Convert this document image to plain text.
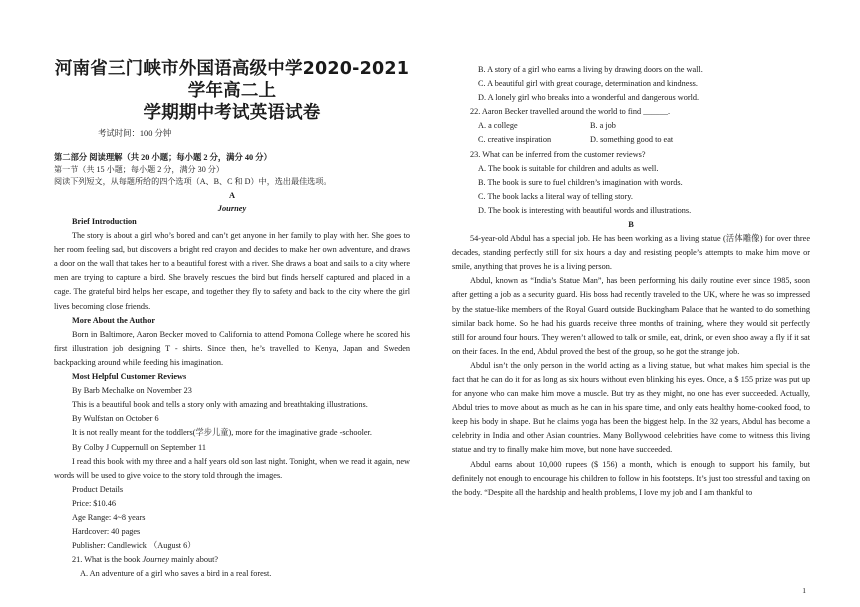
河南省三门峡市外国语高级中学2020-2021学年高二上
学期期中考试英语试卷

考试时间：100 分钟

第二部分 阅读理解（共 20 小题；每小题 2 分，满分 40 分）

第一节（共 15 小题；每小题 2 分，满分 30 分）

阅读下列短文，从每题所给的四个选项（A、B、C 和 D）中，选出最佳选项。

A

Journey

Brief Introduction

The story is about a girl who’s bored and can’t get anyone in her family to play with her. She goes to her room feeling sad, but discovers a bright red crayon and decides to make her own adventure, and draws a door on the wall that takes her to a beautiful forest with a river. She draws a boat and sails to a city where men are trying to capture a bird. She bravely rescues the bird but finds herself captured and placed in a cage. The grateful bird helps her escape, and together they fly to safety and back to the city where the girl lives becoming close friends.

More About the Author

Born in Baltimore, Aaron Becker moved to California to attend Pomona College where he scored his first illustration job designing T - shirts. Since then, he’s travelled to Kenya, Japan and Sweden backpacking around while feeding his imagination.

Most Helpful Customer Reviews

By Barb Mechalke on November 23

This is a beautiful book and tells a story only with amazing and breathtaking illustrations.

By Wulfstan on October 6

It is not really meant for the toddlers(学步儿童), more for the imaginative grade -schooler.

By Colby J Cuppernull on September 11

I read this book with my three and a half years old son last night. Tonight, when we read it again, new words will be used to give voice to the story told through the images.

Product Details

Price: $10.46

Age Range: 4~8 years

Hardcover: 40 pages

Publisher: Candlewick （August 6）

21. What is the book Journey mainly about?

A. An adventure of a girl who saves a bird in a real forest.

B. A story of a girl who earns a living by drawing doors on the wall.

C. A beautiful girl with great courage, determination and kindness.

D. A lonely girl who breaks into a wonderful and dangerous world.

22. Aaron Becker travelled around the world to find ______.

A. a college	B. a job
C. creative inspiration	D. something good to eat

23. What can be inferred from the customer reviews?

A. The book is suitable for children and adults as well.

B. The book is sure to fuel children’s imagination with words.

C. The book lacks a literal way of telling story.

D. The book is interesting with beautiful words and illustrations.

B

54-year-old Abdul has a special job. He has been working as a living statue (活体雕像) for over three decades, standing perfectly still for six hours a day and resisting people’s attempts to make him move or smile, anything that proves he is a living person.

Abdul, known as “India’s Statue Man”, has been performing his daily routine ever since 1985, soon after getting a job as a security guard. His boss had recently traveled to the UK, where he was so impressed by the statue-like members of the Royal Guard outside Buckingham Palace that he wanted to do something similar back home. So he had his guards receive three months of training, where they would sit perfectly still for around four hours. They weren’t allowed to talk or smile, eat, drink, or even shoo away a fly if it sat on their faces. In the end, Abdul proved the best of the group, so he got the strange job.

Abdul isn’t the only person in the world acting as a living statue, but what makes him special is the fact that he can do it for as long as six hours without even blinking his eyes. Once, a $ 155 prize was put up for anyone who can make him move a muscle. But try as they might, no one has ever succeeded. Actually, Abdul tries to move about as much as he can in his spare time, and only eats healthy home-cooked food, to keep his body in shape. But he claims yoga has been the biggest help. In the 32 years, Abdul has become a celebrity in India and other Asian countries. Many Bollywood celebrities have come to witness this living statue and try to finally make him move, but none have succeeded.

Abdul earns about 10,000 rupees ($ 156) a month, which is enough to support his family, but definitely not enough to encourage his children to follow in his footsteps. It’s just too stressful and taxing on the body. “Despite all the hardship and health problems, I love my job and I am thankful to

1
